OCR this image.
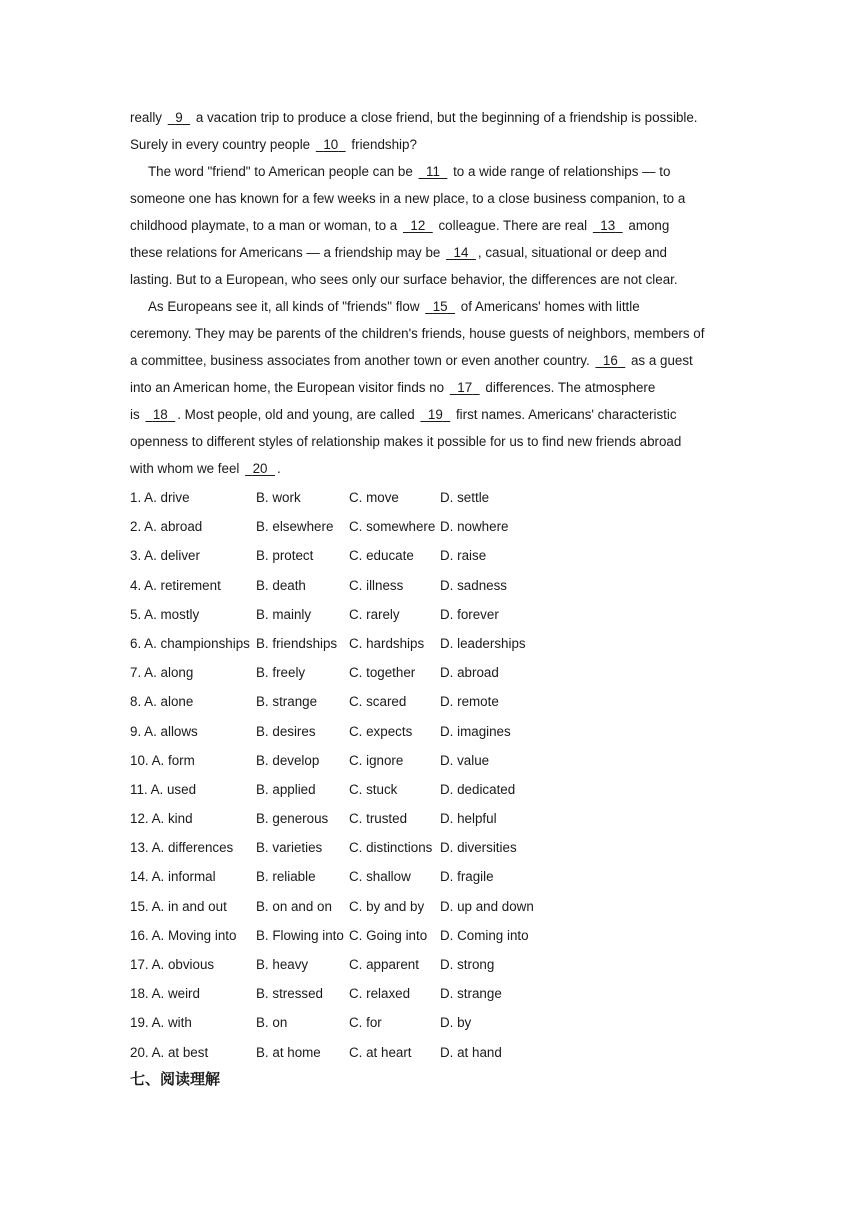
really 9 a vacation trip to produce a close friend, but the beginning of a friendship is possible.
Surely in every country people 10 friendship?
The word "friend" to American people can be 11 to a wide range of relationships — to
someone one has known for a few weeks in a new place, to a close business companion, to a
childhood playmate, to a man or woman, to a 12 colleague. There are real 13 among
these relations for Americans — a friendship may be 14 , casual, situational or deep and
lasting. But to a European, who sees only our surface behavior, the differences are not clear.
As Europeans see it, all kinds of "friends" flow 15 of Americans' homes with little
ceremony. They may be parents of the children's friends, house guests of neighbors, members of
a committee, business associates from another town or even another country. 16 as a guest
into an American home, the European visitor finds no 17 differences. The atmosphere
is 18 . Most people, old and young, are called 19 first names. Americans' characteristic
openness to different styles of relationship makes it possible for us to find new friends abroad
with whom we feel 20 .
1. A. drive	B. work	C. move	D. settle
2. A. abroad	B. elsewhere	C. somewhere D. nowhere
3. A. deliver	B. protect	C. educate	D. raise
4. A. retirement	B. death	C. illness	D. sadness
5. A. mostly	B. mainly	C. rarely	D. forever
6. A. championships B. friendships C. hardships	D. leaderships
7. A. along	B. freely	C. together	D. abroad
8. A. alone	B. strange	C. scared	D. remote
9. A. allows	B. desires	C. expects	D. imagines
10. A. form	B. develop	C. ignore	D. value
11. A. used	B. applied	C. stuck	D. dedicated
12. A. kind	B. generous	C. trusted	D. helpful
13. A. differences	B. varieties	C. distinctions D. diversities
14. A. informal	B. reliable	C. shallow	D. fragile
15. A. in and out	B. on and on	C. by and by	D. up and down
16. A. Moving into	B. Flowing into C. Going into D. Coming into
17. A. obvious	B. heavy	C. apparent	D. strong
18. A. weird	B. stressed	C. relaxed	D. strange
19. A. with	B. on	C. for	D. by
20. A. at best	B. at home	C. at heart	D. at hand
七、阅读理解
